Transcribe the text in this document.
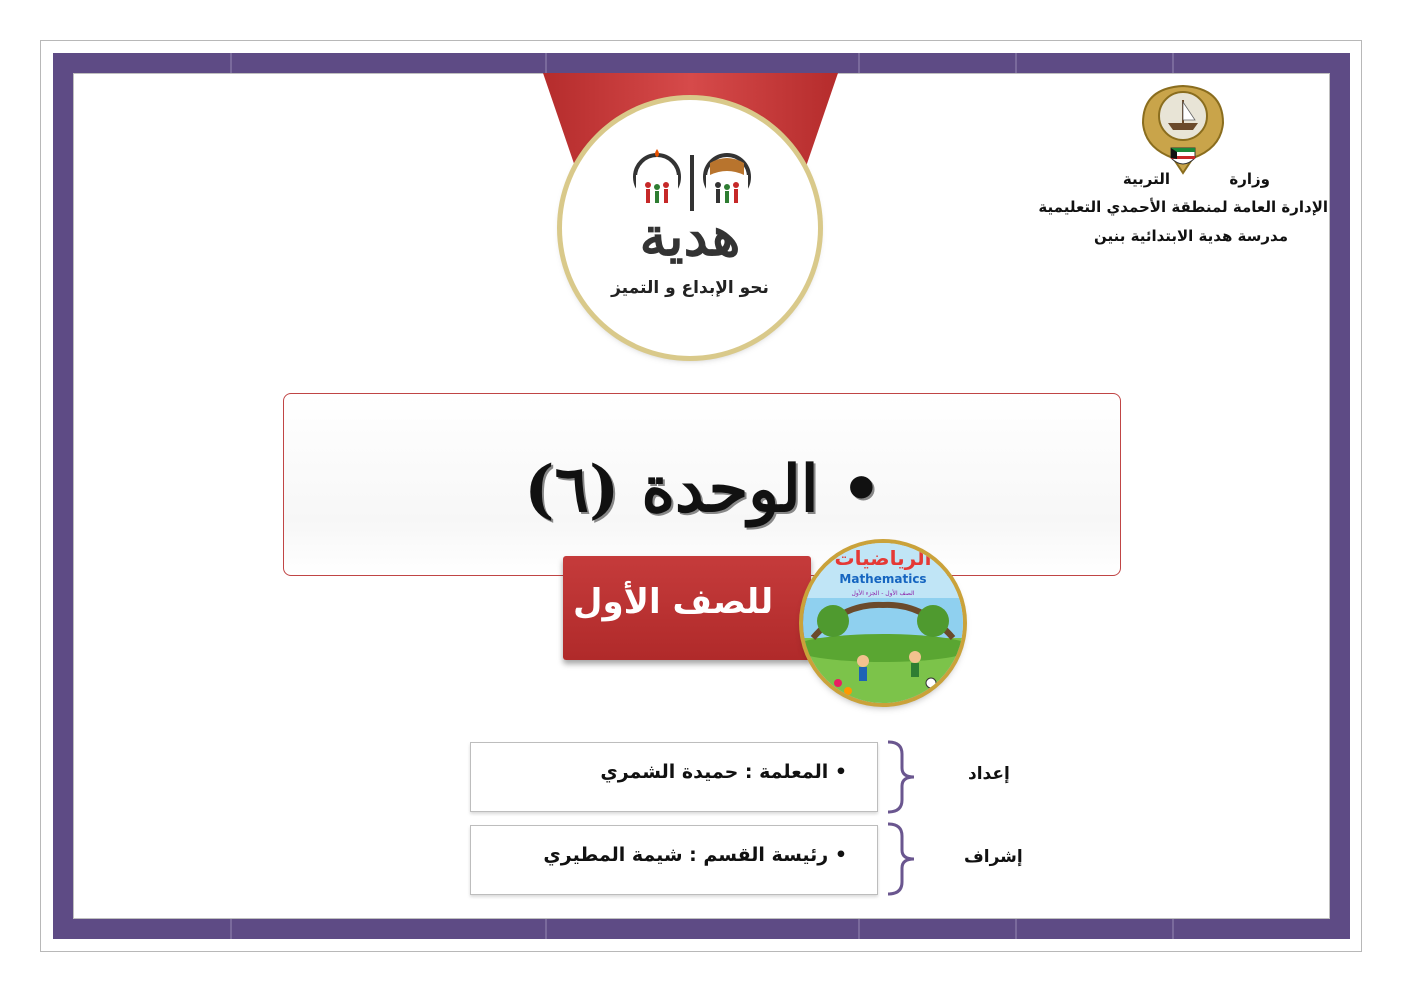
وزارة
التربية
الإدارة العامة لمنطقة الأحمدي التعليمية
مدرسة هدية الابتدائية بنين
هدية
نحو الإبداع و التميز
• الوحدة (٦)
للصف الأول
الرياضيات
Mathematics
الصف الأول - الجزء الأول
• المعلمة : حميدة الشمري	إعداد
• رئيسة القسم : شيمة المطيري	إشراف
